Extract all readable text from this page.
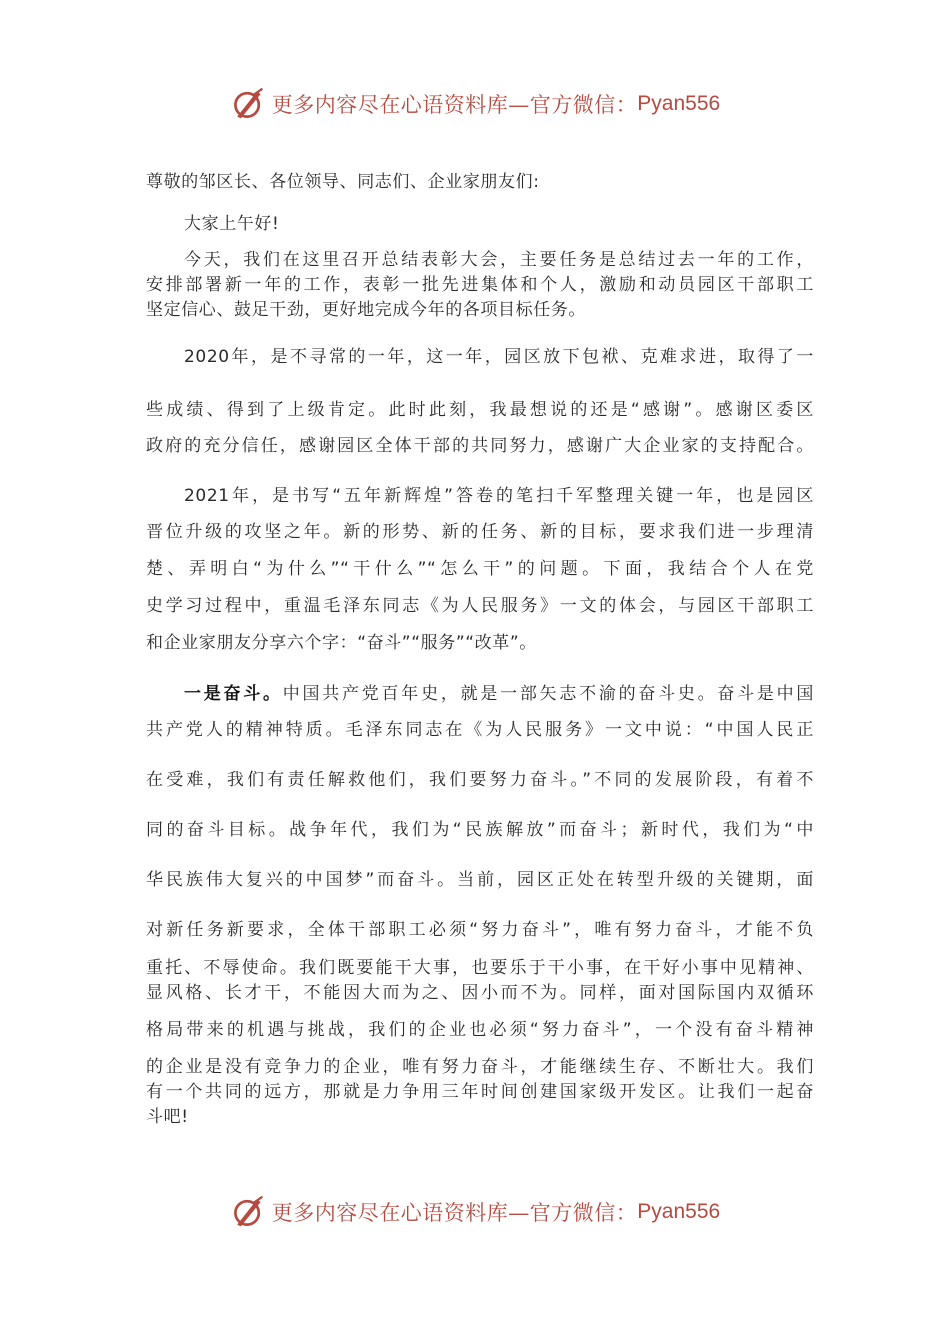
更多内容尽在心语资料库—官方微信： Pyan556
尊敬的邹区长、各位领导、同志们、企业家朋友们:
大家上午好!
今天，我们在这里召开总结表彰大会，主要任务是总结过去一年的工作，
安排部署新一年的工作，表彰一批先进集体和个人，激励和动员园区干部职工
坚定信心、鼓足干劲，更好地完成今年的各项目标任务。
2020年，是不寻常的一年，这一年，园区放下包袱、克难求进，取得了一
些成绩、得到了上级肯定。此时此刻，我最想说的还是“感谢”。感谢区委区
政府的充分信任，感谢园区全体干部的共同努力，感谢广大企业家的支持配合。
2021年，是书写“五年新辉煌”答卷的笔扫千军整理关键一年，也是园区
晋位升级的攻坚之年。新的形势、新的任务、新的目标，要求我们进一步理清
楚、弄明白“为什么”“干什么”“怎么干”的问题。下面，我结合个人在党
史学习过程中，重温毛泽东同志《为人民服务》一文的体会，与园区干部职工
和企业家朋友分享六个字：“奋斗”“服务”“改革”。
一是奋斗。中国共产党百年史，就是一部矢志不渝的奋斗史。奋斗是中国
共产党人的精神特质。毛泽东同志在《为人民服务》一文中说：“中国人民正
在受难，我们有责任解救他们，我们要努力奋斗。”不同的发展阶段，有着不
同的奋斗目标。战争年代，我们为“民族解放”而奋斗；新时代，我们为“中
华民族伟大复兴的中国梦”而奋斗。当前，园区正处在转型升级的关键期，面
对新任务新要求，全体干部职工必须“努力奋斗”，唯有努力奋斗，才能不负
重托、不辱使命。我们既要能干大事，也要乐于干小事，在干好小事中见精神、
显风格、长才干，不能因大而为之、因小而不为。同样，面对国际国内双循环
格局带来的机遇与挑战，我们的企业也必须“努力奋斗”，一个没有奋斗精神
的企业是没有竞争力的企业，唯有努力奋斗，才能继续生存、不断壮大。我们
有一个共同的远方，那就是力争用三年时间创建国家级开发区。让我们一起奋
斗吧!
更多内容尽在心语资料库—官方微信： Pyan556
